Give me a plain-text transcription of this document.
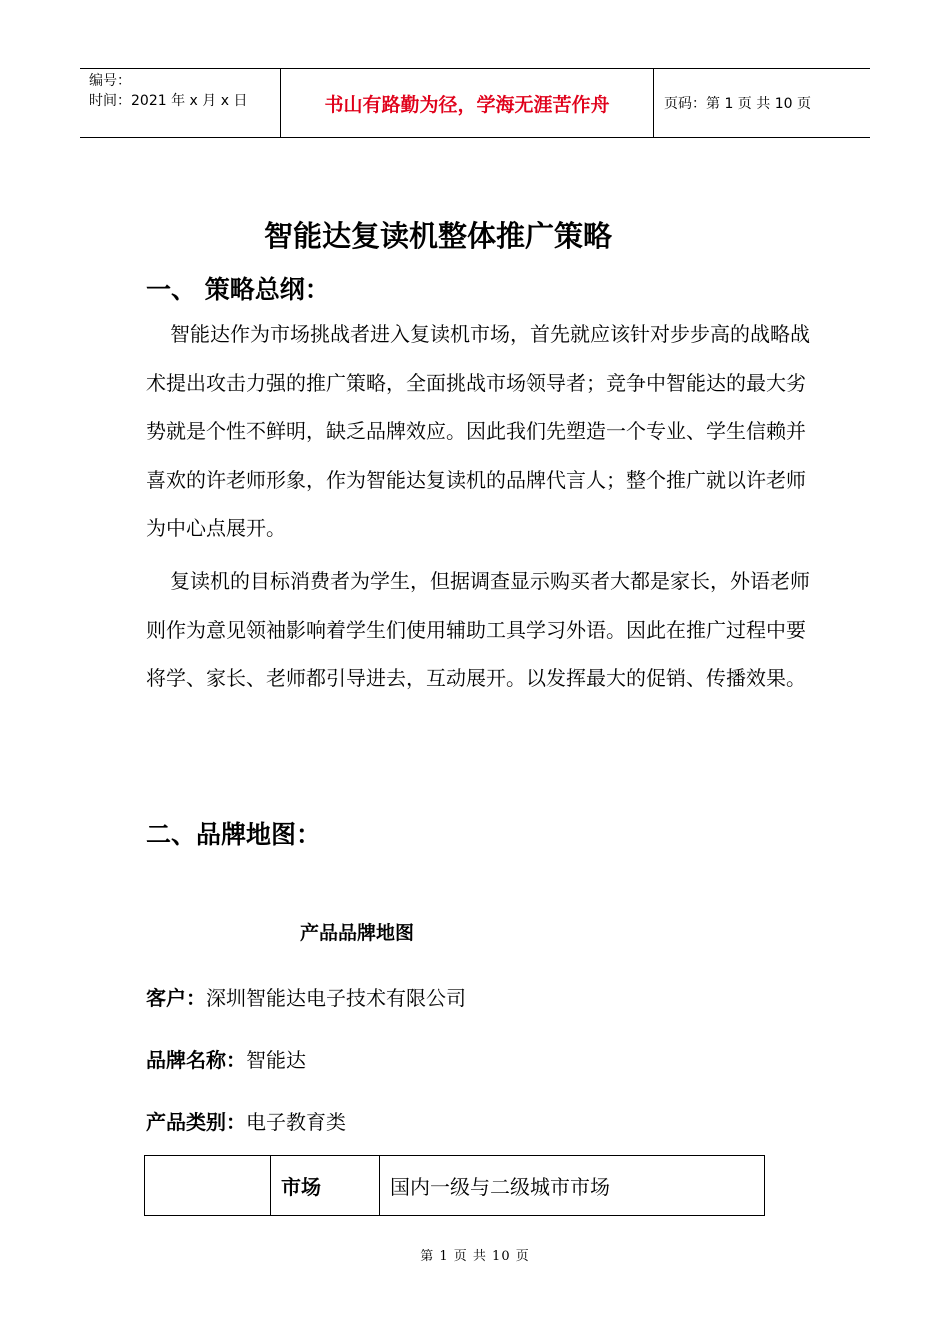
编号：
时间：2021 年 x 月 x 日	书山有路勤为径，学海无涯苦作舟	页码：第 1 页 共 10 页
智能达复读机整体推广策略
一、 策略总纲：

智能达作为市场挑战者进入复读机市场，首先就应该针对步步高的战略战术提出攻击力强的推广策略，全面挑战市场领导者；竞争中智能达的最大劣势就是个性不鲜明，缺乏品牌效应。因此我们先塑造一个专业、学生信赖并喜欢的许老师形象，作为智能达复读机的品牌代言人；整个推广就以许老师为中心点展开。

复读机的目标消费者为学生，但据调查显示购买者大都是家长，外语老师则作为意见领袖影响着学生们使用辅助工具学习外语。因此在推广过程中要将学、家长、老师都引导进去，互动展开。以发挥最大的促销、传播效果。

二、品牌地图：
产品品牌地图
客户：深圳智能达电子技术有限公司
品牌名称：智能达
产品类别：电子教育类
	市场	国内一级与二级城市市场
第 1 页 共 10 页
